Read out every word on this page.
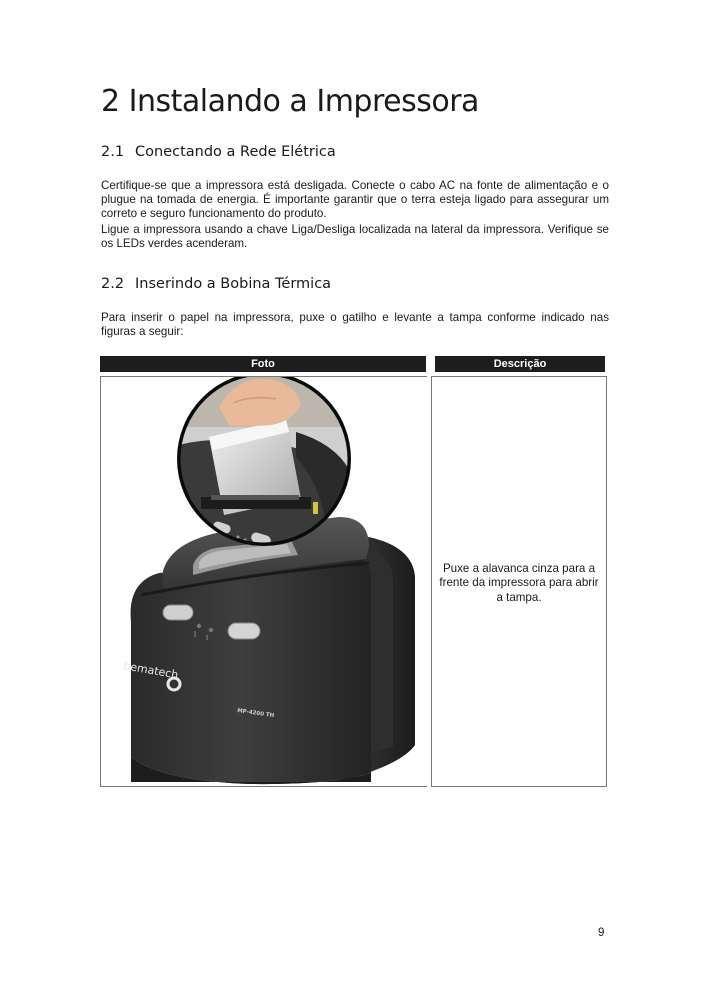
2 Instalando a Impressora
2.1 Conectando a Rede Elétrica

Certifique-se que a impressora está desligada. Conecte o cabo AC na fonte de alimentação e o plugue na tomada de energia. É importante garantir que o terra esteja ligado para assegurar um correto e seguro funcionamento do produto.

Ligue a impressora usando a chave Liga/Desliga localizada na lateral da impressora. Verifique se os LEDs verdes acenderam.

2.2 Inserindo a Bobina Térmica

Para inserir o papel na impressora, puxe o gatilho e levante a tampa conforme indicado nas figuras a seguir:

Foto	Descrição
bematech
MP-4200 TH
Puxe a alavanca cinza para a frente da impressora para abrir a tampa.
9
